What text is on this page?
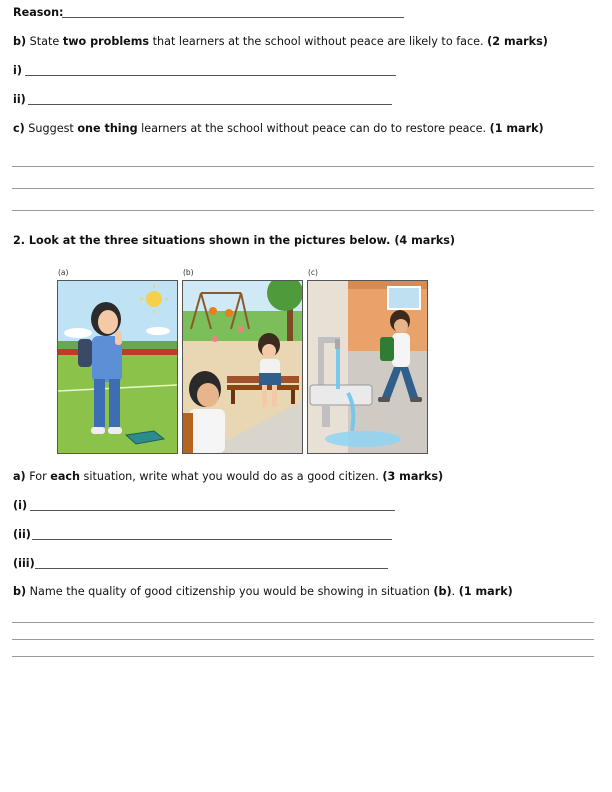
Reason:
b) State two problems that learners at the school without peace are likely to face. (2 marks)
i)
ii)
c) Suggest one thing learners at the school without peace can do to restore peace. (1 mark)
2. Look at the three situations shown in the pictures below. (4 marks)
(a)	(b)	(c)
a) For each situation, write what you would do as a good citizen. (3 marks)
(i)
(ii)
(iii)
b) Name the quality of good citizenship you would be showing in situation (b). (1 mark)
